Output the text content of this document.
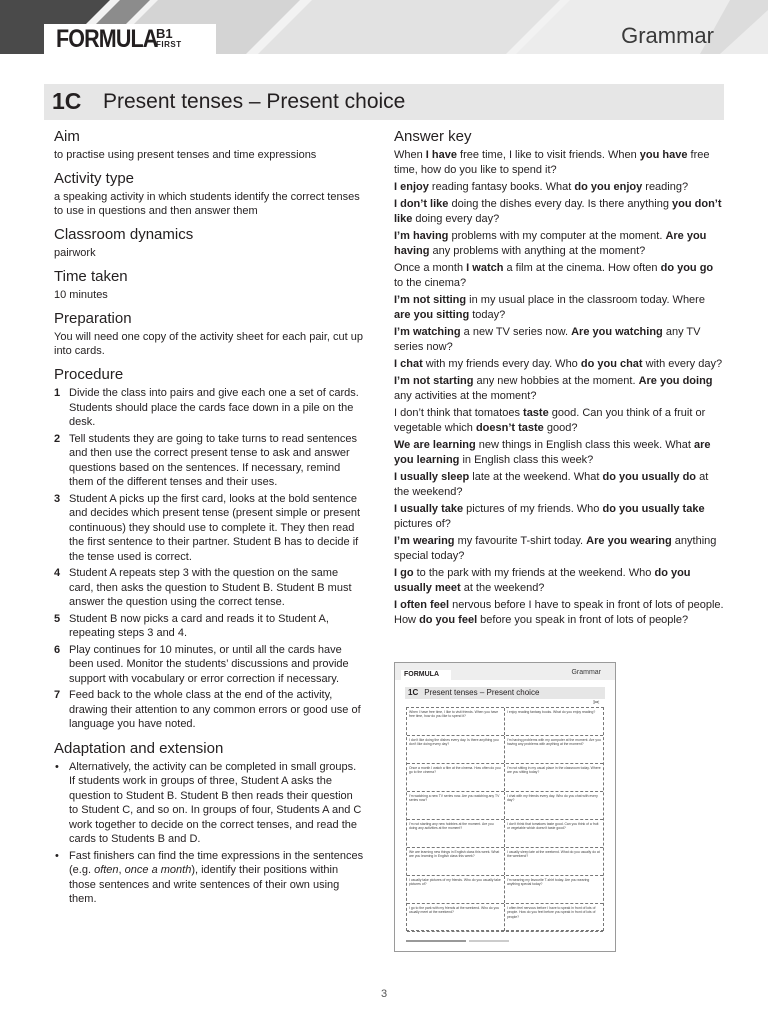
FORMULA
B1
FIRST	Grammar
1C Present tenses – Present choice
Aim

to practise using present tenses and time expressions

Activity type

a speaking activity in which students identify the correct tenses to use in questions and then answer them

Classroom dynamics

pairwork

Time taken

10 minutes

Preparation

You will need one copy of the activity sheet for each pair, cut up into cards.

Procedure
1 Divide the class into pairs and give each one a set of cards. Students should place the cards face down in a pile on the desk.
2 Tell students they are going to take turns to read sentences and then use the correct present tense to ask and answer questions based on the sentences. If necessary, remind them of the different tenses and their uses.
3 Student A picks up the first card, looks at the bold sentence and decides which present tense (present simple or present continuous) they should use to complete it. They then read the first sentence to their partner. Student B has to decide if the tense used is correct.
4 Student A repeats step 3 with the question on the same card, then asks the question to Student B. Student B must answer the question using the correct tense.
5 Student B now picks a card and reads it to Student A, repeating steps 3 and 4.
6 Play continues for 10 minutes, or until all the cards have been used. Monitor the students’ discussions and provide support with vocabulary or error correction if necessary.
7 Feed back to the whole class at the end of the activity, drawing their attention to any common errors or good use of language you have noted.
Adaptation and extension
• Alternatively, the activity can be completed in small groups. If students work in groups of three, Student A asks the question to Student B. Student B then reads their question to Student C, and so on. In groups of four, Students A and C work together to decide on the correct tenses, and read the cards to Students B and D.
• Fast finishers can find the time expressions in the sentences (e.g. often, once a month), identify their positions within those sentences and write sentences of their own using them.
Answer key

When I have free time, I like to visit friends. When you have free time, how do you like to spend it?

I enjoy reading fantasy books. What do you enjoy reading?

I don’t like doing the dishes every day. Is there anything you don’t like doing every day?

I’m having problems with my computer at the moment. Are you having any problems with anything at the moment?

Once a month I watch a film at the cinema. How often do you go to the cinema?

I’m not sitting in my usual place in the classroom today. Where are you sitting today?

I’m watching a new TV series now. Are you watching any TV series now?

I chat with my friends every day. Who do you chat with every day?

I’m not starting any new hobbies at the moment. Are you doing any activities at the moment?

I don’t think that tomatoes taste good. Can you think of a fruit or vegetable which doesn’t taste good?

We are learning new things in English class this week. What are you learning in English class this week?

I usually sleep late at the weekend. What do you usually do at the weekend?

I usually take pictures of my friends. Who do you usually take pictures of?

I’m wearing my favourite T-shirt today. Are you wearing anything special today?

I go to the park with my friends at the weekend. Who do you usually meet at the weekend?

I often feel nervous before I have to speak in front of lots of people. How do you feel before you speak in front of lots of people?

FORMULA	Grammar
1C Present tenses – Present choice
✂
When I have free time, I like to visit friends. When you have free time, how do you like to spend it?
I enjoy reading fantasy books. What do you enjoy reading?
I don’t like doing the dishes every day. Is there anything you don’t like doing every day?
I’m having problems with my computer at the moment. Are you having any problems with anything at the moment?
Once a month I watch a film at the cinema. How often do you go to the cinema?
I’m not sitting in my usual place in the classroom today. Where are you sitting today?
I’m watching a new TV series now. Are you watching any TV series now?
I chat with my friends every day. Who do you chat with every day?
I’m not starting any new hobbies at the moment. Are you doing any activities at the moment?
I don’t think that tomatoes taste good. Can you think of a fruit or vegetable which doesn’t taste good?
We are learning new things in English class this week. What are you learning in English class this week?
I usually sleep late at the weekend. What do you usually do at the weekend?
I usually take pictures of my friends. Who do you usually take pictures of?
I’m wearing my favourite T-shirt today. Are you wearing anything special today?
I go to the park with my friends at the weekend. Who do you usually meet at the weekend?
I often feel nervous before I have to speak in front of lots of people. How do you feel before you speak in front of lots of people?
3
